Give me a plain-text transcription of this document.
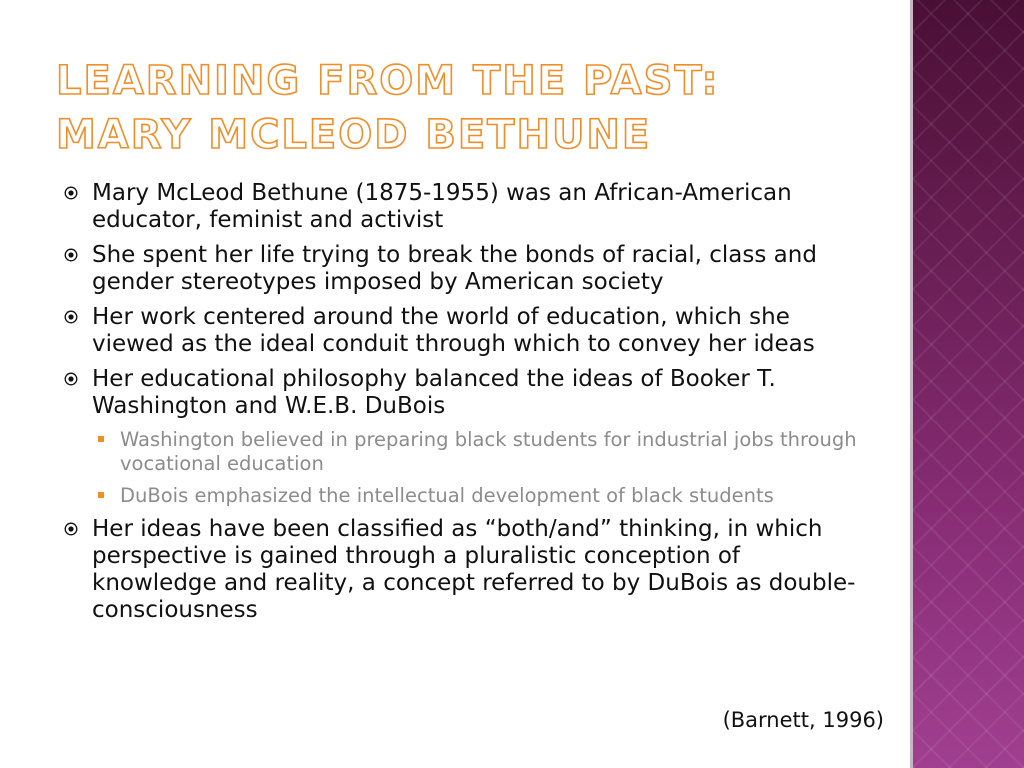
LEARNING FROM THE PAST:
MARY MCLEOD BETHUNE
Mary McLeod Bethune (1875-1955) was an African-American educator, feminist and activist
She spent her life trying to break the bonds of racial, class and gender stereotypes imposed by American society
Her work centered around the world of education, which she viewed as the ideal conduit through which to convey her ideas
Her educational philosophy balanced the ideas of Booker T. Washington and W.E.B. DuBois
Washington believed in preparing black students for industrial jobs through vocational education
DuBois emphasized the intellectual development of black students
Her ideas have been classified as “both/and” thinking, in which perspective is gained through a pluralistic conception of knowledge and reality, a concept referred to by DuBois as double-consciousness
(Barnett, 1996)
